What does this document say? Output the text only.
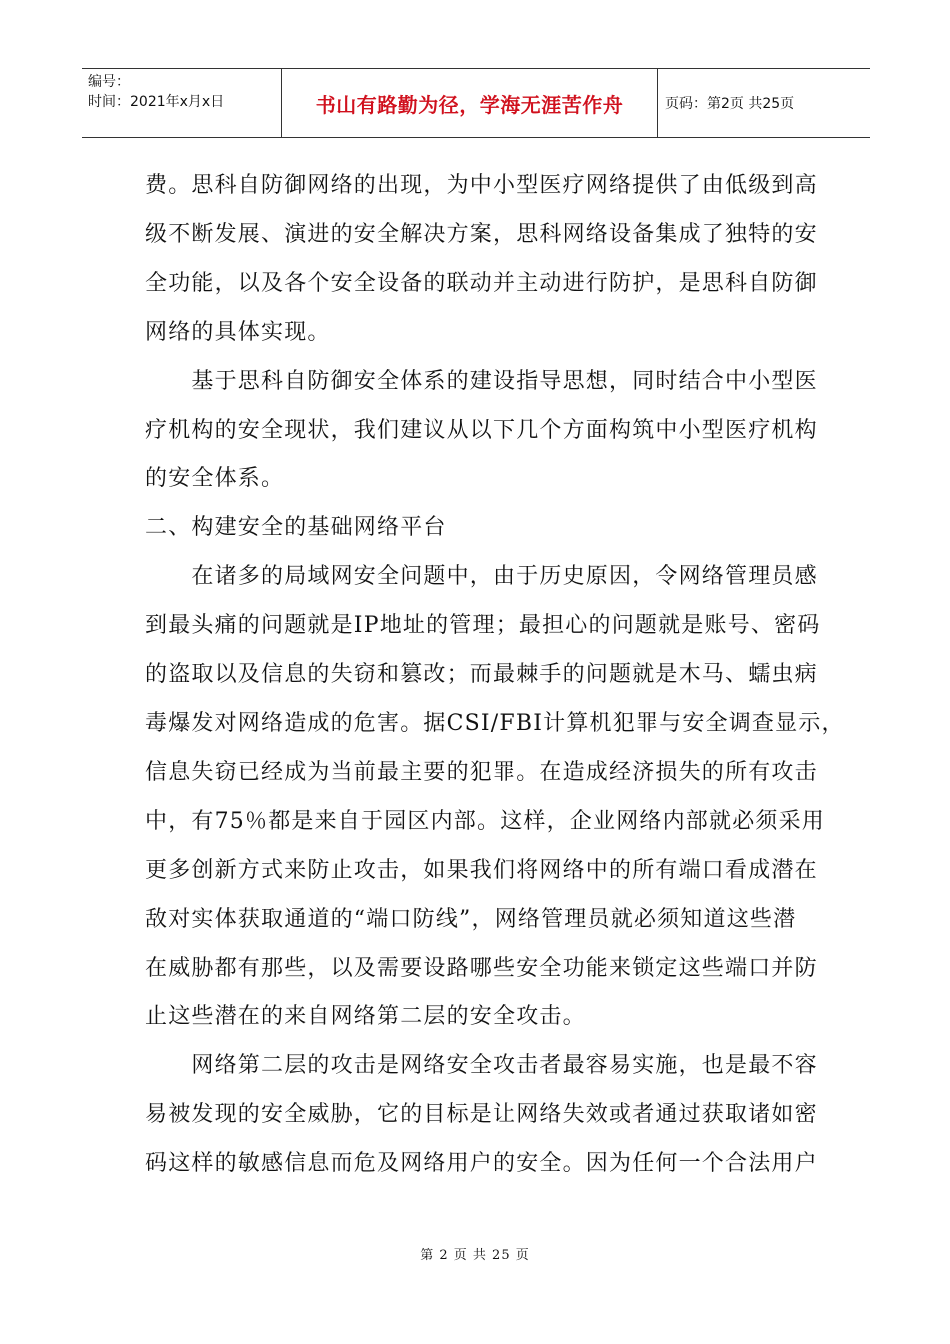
编号：
时间：2021年x月x日	书山有路勤为径，学海无涯苦作舟	页码：第2页 共25页

费。思科自防御网络的出现，为中小型医疗网络提供了由低级到高

级不断发展、演进的安全解决方案，思科网络设备集成了独特的安

全功能，以及各个安全设备的联动并主动进行防护，是思科自防御

网络的具体实现。

　　基于思科自防御安全体系的建设指导思想，同时结合中小型医

疗机构的安全现状，我们建议从以下几个方面构筑中小型医疗机构

的安全体系。

二、构建安全的基础网络平台

　　在诸多的局域网安全问题中，由于历史原因，令网络管理员感

到最头痛的问题就是IP地址的管理；最担心的问题就是账号、密码

的盗取以及信息的失窃和篡改；而最棘手的问题就是木马、蠕虫病

毒爆发对网络造成的危害。据CSI/FBI计算机犯罪与安全调查显示，

信息失窃已经成为当前最主要的犯罪。在造成经济损失的所有攻击

中，有75％都是来自于园区内部。这样，企业网络内部就必须采用

更多创新方式来防止攻击，如果我们将网络中的所有端口看成潜在

敌对实体获取通道的“端口防线”，网络管理员就必须知道这些潜

在威胁都有那些，以及需要设路哪些安全功能来锁定这些端口并防

止这些潜在的来自网络第二层的安全攻击。

　　网络第二层的攻击是网络安全攻击者最容易实施，也是最不容

易被发现的安全威胁，它的目标是让网络失效或者通过获取诸如密

码这样的敏感信息而危及网络用户的安全。因为任何一个合法用户

第 2 页 共 25 页
